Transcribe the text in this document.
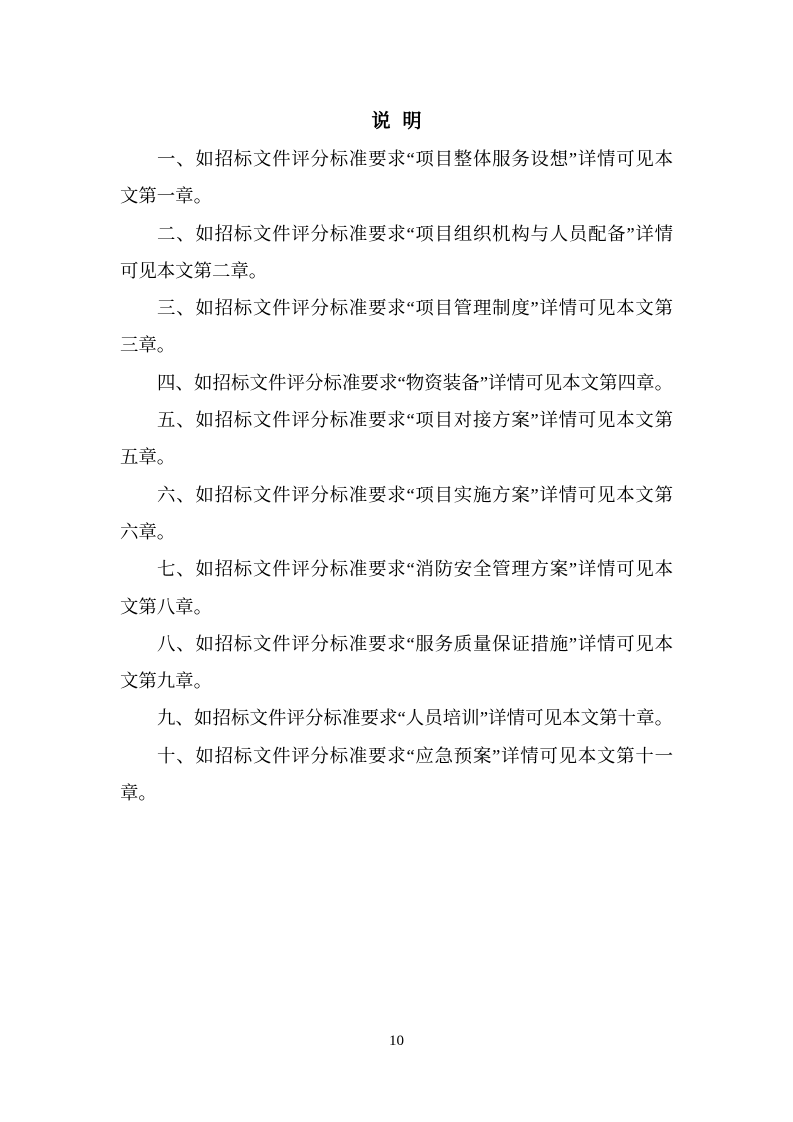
说明
一、如招标文件评分标准要求“项目整体服务设想”详情可见本
文第一章。
二、如招标文件评分标准要求“项目组织机构与人员配备”详情
可见本文第二章。
三、如招标文件评分标准要求“项目管理制度”详情可见本文第
三章。
四、如招标文件评分标准要求“物资装备”详情可见本文第四章。
五、如招标文件评分标准要求“项目对接方案”详情可见本文第
五章。
六、如招标文件评分标准要求“项目实施方案”详情可见本文第
六章。
七、如招标文件评分标准要求“消防安全管理方案”详情可见本
文第八章。
八、如招标文件评分标准要求“服务质量保证措施”详情可见本
文第九章。
九、如招标文件评分标准要求“人员培训”详情可见本文第十章。
十、如招标文件评分标准要求“应急预案”详情可见本文第十一
章。
10
